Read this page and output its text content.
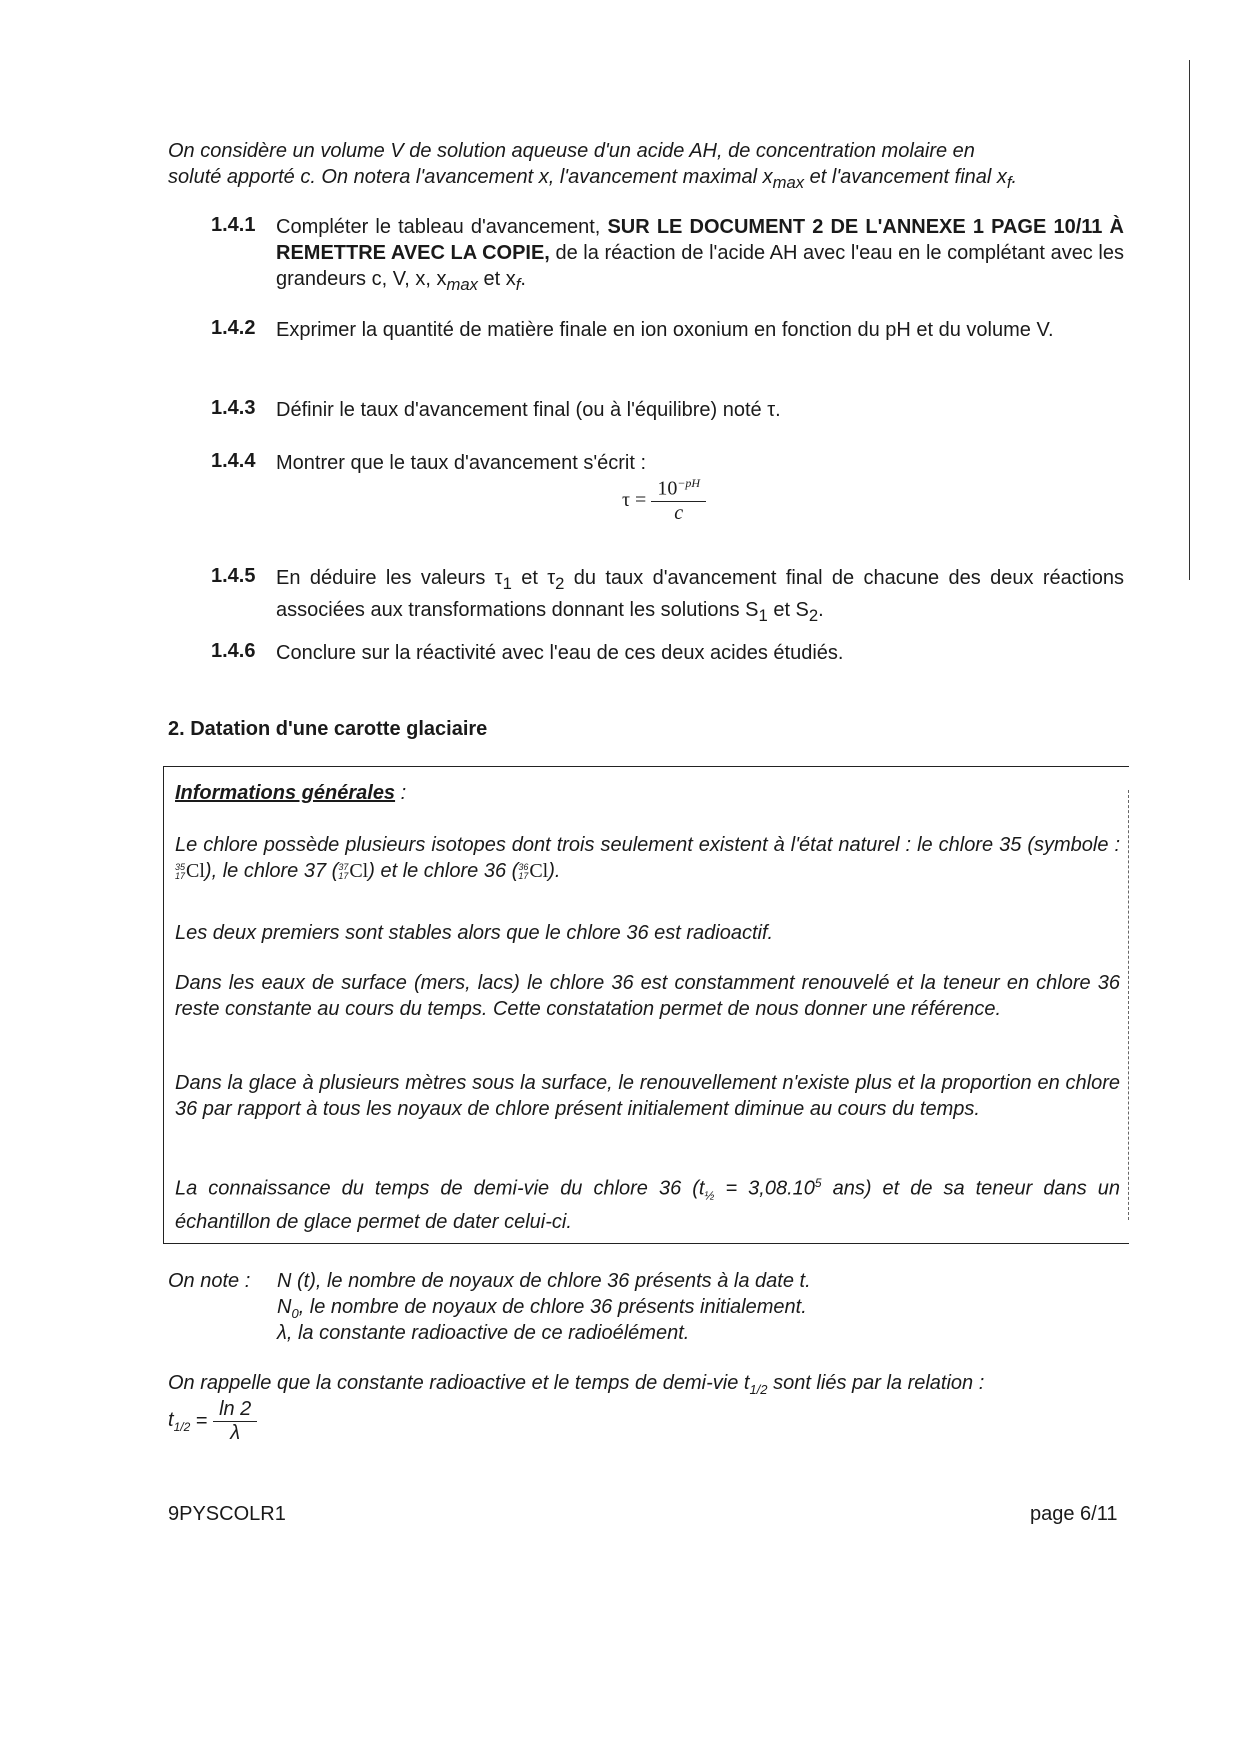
On considère un volume V de solution aqueuse d'un acide AH, de concentration molaire en
soluté apporté c. On notera l'avancement x, l'avancement maximal $x_{max}$ et l'avancement final $x_f$.
1.4.1 Compléter le tableau d'avancement, SUR LE DOCUMENT 2 DE L'ANNEXE 1 PAGE 10/11 À REMETTRE AVEC LA COPIE, de la réaction de l'acide AH avec l'eau en le complétant avec les grandeurs c, V, x, $x_{max}$ et $x_f$.
1.4.2 Exprimer la quantité de matière finale en ion oxonium en fonction du pH et du volume V.
1.4.3 Définir le taux d'avancement final (ou à l'équilibre) noté τ.
1.4.4 Montrer que le taux d'avancement s'écrit :
$\tau = \frac{10^{-pH}}{c}$
1.4.5 En déduire les valeurs $\tau_1$ et $\tau_2$ du taux d'avancement final de chacune des deux réactions associées aux transformations donnant les solutions $S_1$ et $S_2$.
1.4.6 Conclure sur la réactivité avec l'eau de ces deux acides étudiés.
2. Datation d'une carotte glaciaire
Informations générales :
Le chlore possède plusieurs isotopes dont trois seulement existent à l'état naturel : le chlore 35 (symbole : 35
17Cl), le chlore 37 (37
17Cl) et le chlore 36 (36
17Cl).
Les deux premiers sont stables alors que le chlore 36 est radioactif.
Dans les eaux de surface (mers, lacs) le chlore 36 est constamment renouvelé et la teneur en chlore 36 reste constante au cours du temps. Cette constatation permet de nous donner une référence.
Dans la glace à plusieurs mètres sous la surface, le renouvellement n'existe plus et la proportion en chlore 36 par rapport à tous les noyaux de chlore présent initialement diminue au cours du temps.
La connaissance du temps de demi-vie du chlore 36 ($t_{\frac{1}{2}} = 3,08.10^5$ ans) et de sa teneur dans un échantillon de glace permet de dater celui-ci.
On note : N (t), le nombre de noyaux de chlore 36 présents à la date t.
$N_0$, le nombre de noyaux de chlore 36 présents initialement.
λ, la constante radioactive de ce radioélément.
On rappelle que la constante radioactive et le temps de demi-vie $t_{1/2}$ sont liés par la relation :
$t_{1/2} = \frac{\ln 2}{\lambda}$
9PYSCOLR1	page 6/11
